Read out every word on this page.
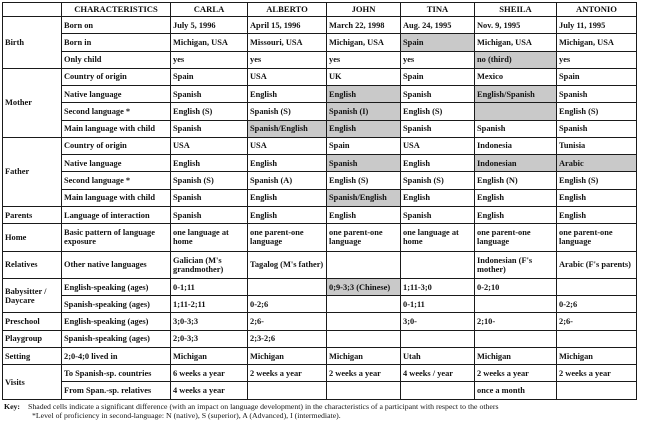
	CHARACTERISTICS	CARLA	ALBERTO	JOHN	TINA	SHEILA	ANTONIO
Birth	Born on	July 5, 1996	April 15, 1996	March 22, 1998	Aug. 24, 1995	Nov. 9, 1995	July 11, 1995
	Born in	Michigan, USA	Missouri, USA	Michigan, USA	Spain	Michigan, USA	Michigan, USA
	Only child	yes	yes	yes	yes	no (third)	yes
Mother	Country of origin	Spain	USA	UK	Spain	Mexico	Spain
	Native language	Spanish	English	English	Spanish	English/Spanish	Spanish
	Second language *	English (S)	Spanish (S)	Spanish (I)	English (S)		English (S)
	Main language with child	Spanish	Spanish/English	English	Spanish	Spanish	Spanish
Father	Country of origin	USA	USA	Spain	USA	Indonesia	Tunisia
	Native language	English	English	Spanish	English	Indonesian	Arabic
	Second language *	Spanish (S)	Spanish (A)	English (S)	Spanish (S)	English (N)	English (S)
	Main language with child	Spanish	English	Spanish/English	English	English	English
Parents	Language of interaction	Spanish	English	English	Spanish	English	English
Home	Basic pattern of language exposure	one language at home	one parent-one language	one parent-one language	one language at home	one parent-one language	one parent-one language
Relatives	Other native languages	Galician (M's grandmother)	Tagalog (M's father)			Indonesian (F's mother)	Arabic (F's parents)
Babysitter / Daycare	English-speaking (ages)	0-1;11		0;9-3;3 (Chinese)	1;11-3;0	0-2;10	
	Spanish-speaking (ages)	1;11-2;11	0-2;6		0-1;11		0-2;6
Preschool	English-speaking (ages)	3;0-3;3	2;6-		3;0-	2;10-	2;6-
Playgroup	Spanish-speaking (ages)	2;0-3;3	2;3-2;6				
Setting	2;0-4;0 lived in	Michigan	Michigan	Michigan	Utah	Michigan	Michigan
Visits	To Spanish-sp. countries	6 weeks a year	2 weeks a year	2 weeks a year	4 weeks / year	2 weeks a year	2 weeks a year
	From Span.-sp. relatives	4 weeks a year				once a month	
Key: Shaded cells indicate a significant difference (with an impact on language development) in the characteristics of a participant with respect to the others
*Level of proficiency in second-language: N (native), S (superior), A (Advanced), I (intermediate).
